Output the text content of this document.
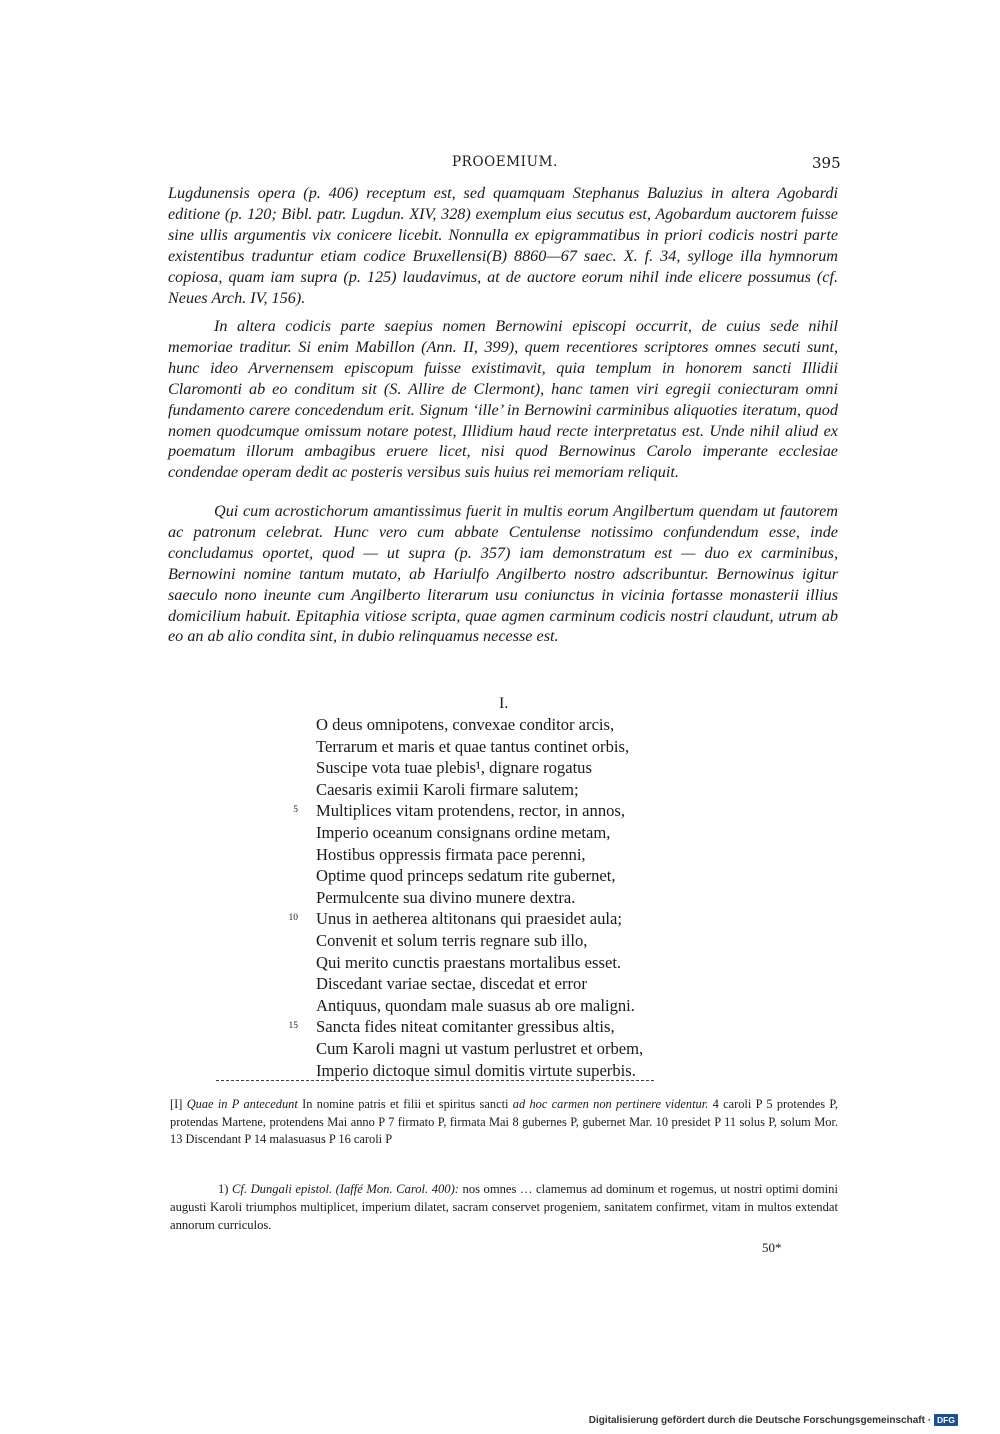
PROOEMIUM.	395

Lugdunensis opera (p. 406) receptum est, sed quamquam Stephanus Baluzius in altera Agobardi editione (p. 120; Bibl. patr. Lugdun. XIV, 328) exemplum eius secutus est, Agobardum auctorem fuisse sine ullis argumentis vix conicere licebit. Nonnulla ex epigrammatibus in priori codicis nostri parte existentibus traduntur etiam codice Bruxellensi(B) 8860—67 saec. X. f. 34, sylloge illa hymnorum copiosa, quam iam supra (p. 125) laudavimus, at de auctore eorum nihil inde elicere possumus (cf. Neues Arch. IV, 156).

In altera codicis parte saepius nomen Bernowini episcopi occurrit, de cuius sede nihil memoriae traditur. Si enim Mabillon (Ann. II, 399), quem recentiores scriptores omnes secuti sunt, hunc ideo Arvernensem episcopum fuisse existimavit, quia templum in honorem sancti Illidii Claromonti ab eo conditum sit (S. Allire de Clermont), hanc tamen viri egregii coniecturam omni fundamento carere concedendum erit. Signum ‘ille’ in Bernowini carminibus aliquoties iteratum, quod nomen quodcumque omissum notare potest, Illidium haud recte interpretatus est. Unde nihil aliud ex poematum illorum ambagibus eruere licet, nisi quod Bernowinus Carolo imperante ecclesiae condendae operam dedit ac posteris versibus suis huius rei memoriam reliquit.

Qui cum acrostichorum amantissimus fuerit in multis eorum Angilbertum quendam ut fautorem ac patronum celebrat. Hunc vero cum abbate Centulense notissimo confundendum esse, inde concludamus oportet, quod — ut supra (p. 357) iam demonstratum est — duo ex carminibus, Bernowini nomine tantum mutato, ab Hariulfo Angilberto nostro adscribuntur. Bernowinus igitur saeculo nono ineunte cum Angilberto literarum usu coniunctus in vicinia fortasse monasterii illius domicilium habuit. Epitaphia vitiose scripta, quae agmen carminum codicis nostri claudunt, utrum ab eo an ab alio condita sint, in dubio relinquamus necesse est.

I.
O deus omnipotens, convexae conditor arcis,
Terrarum et maris et quae tantus continet orbis,
Suscipe vota tuae plebis¹, dignare rogatus
Caesaris eximii Karoli firmare salutem;
5 Multiplices vitam protendens, rector, in annos,
Imperio oceanum consignans ordine metam,
Hostibus oppressis firmata pace perenni,
Optime quod princeps sedatum rite gubernet,
Permulcente sua divino munere dextra.
10 Unus in aetherea altitonans qui praesidet aula;
Convenit et solum terris regnare sub illo,
Qui merito cunctis praestans mortalibus esset.
Discedant variae sectae, discedat et error
Antiquus, quondam male suasus ab ore maligni.
15 Sancta fides niteat comitanter gressibus altis,
Cum Karoli magni ut vastum perlustret et orbem,
Imperio dictoque simul domitis virtute superbis.

[I] Quae in P antecedunt In nomine patris et filii et spiritus sancti ad hoc carmen non pertinere videntur. 4 caroli P 5 protendes P, protendas Martene, protendens Mai anno P 7 firmato P, firmata Mai 8 gubernes P, gubernet Mar. 10 presidet P 11 solus P, solum Mor. 13 Discendant P 14 malasuasus P 16 caroli P

1) Cf. Dungali epistol. (Iaffé Mon. Carol. 400): nos omnes … clamemus ad dominum et rogemus, ut nostri optimi domini augusti Karoli triumphos multiplicet, imperium dilatet, sacram conservet progeniem, sanitatem confirmet, vitam in multos extendat annorum curriculos.

50*
Digitalisierung gefördert durch die Deutsche Forschungsgemeinschaft · DFG
